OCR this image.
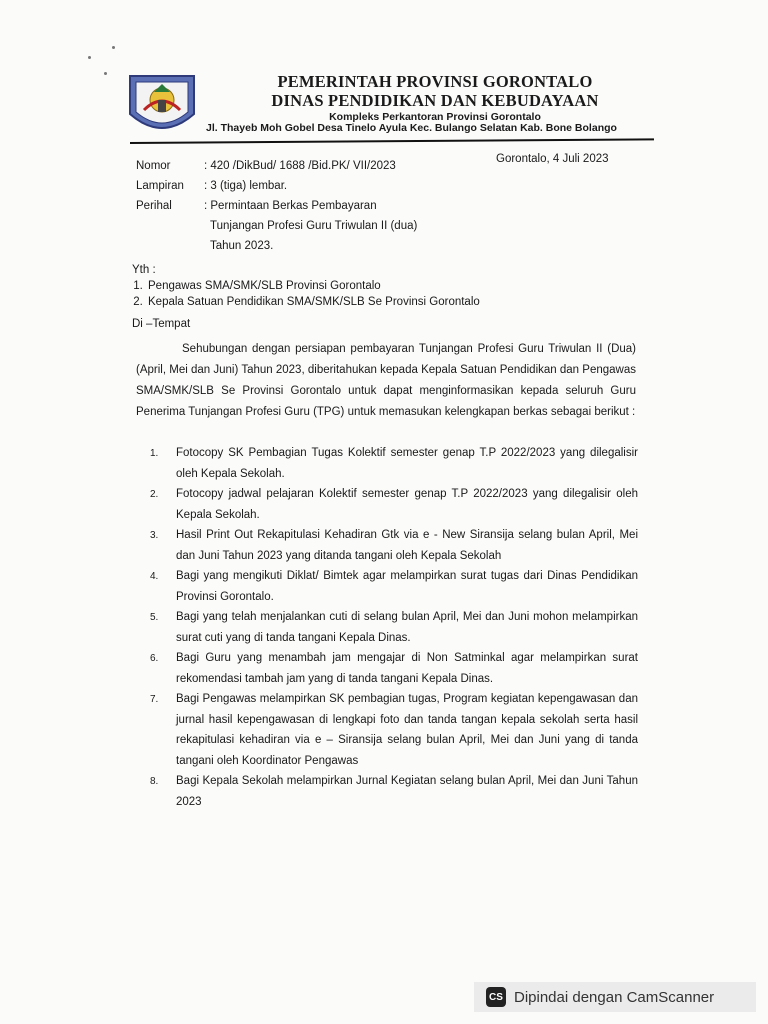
PEMERINTAH PROVINSI GORONTALO
DINAS PENDIDIKAN DAN KEBUDAYAAN
Kompleks Perkantoran Provinsi Gorontalo
Jl. Thayeb Moh Gobel Desa Tinelo Ayula Kec. Bulango Selatan Kab. Bone Bolango
Nomor	: 420 /DikBud/ 1688 /Bid.PK/ VII/2023
Lampiran	: 3 (tiga) lembar.
Perihal	: Permintaan Berkas Pembayaran
Tunjangan Profesi Guru Triwulan II (dua)
Tahun 2023.
Gorontalo, 4 Juli 2023
Yth :
1. Pengawas SMA/SMK/SLB Provinsi Gorontalo
2. Kepala Satuan Pendidikan SMA/SMK/SLB Se Provinsi Gorontalo
Di –Tempat

Sehubungan dengan persiapan pembayaran Tunjangan Profesi Guru Triwulan II (Dua) (April, Mei dan Juni) Tahun 2023, diberitahukan kepada Kepala Satuan Pendidikan dan Pengawas SMA/SMK/SLB Se Provinsi Gorontalo untuk dapat menginformasikan kepada seluruh Guru Penerima Tunjangan Profesi Guru (TPG) untuk memasukan kelengkapan berkas sebagai berikut :

1.	Fotocopy SK Pembagian Tugas Kolektif semester genap T.P 2022/2023 yang dilegalisir oleh Kepala Sekolah.
2.	Fotocopy jadwal pelajaran Kolektif semester genap T.P 2022/2023 yang dilegalisir oleh Kepala Sekolah.
3.	Hasil Print Out Rekapitulasi Kehadiran Gtk via e - New Siransija selang bulan April, Mei dan Juni Tahun 2023 yang ditanda tangani oleh Kepala Sekolah
4.	Bagi yang mengikuti Diklat/ Bimtek agar melampirkan surat tugas dari Dinas Pendidikan Provinsi Gorontalo.
5.	Bagi yang telah menjalankan cuti di selang bulan April, Mei dan Juni mohon melampirkan surat cuti yang di tanda tangani Kepala Dinas.
6.	Bagi Guru yang menambah jam mengajar di Non Satminkal agar melampirkan surat rekomendasi tambah jam yang di tanda tangani Kepala Dinas.
7.	Bagi Pengawas melampirkan SK pembagian tugas, Program kegiatan kepengawasan dan jurnal hasil kepengawasan di lengkapi foto dan tanda tangan kepala sekolah serta hasil rekapitulasi kehadiran via e – Siransija selang bulan April, Mei dan Juni yang di tanda tangani oleh Koordinator Pengawas
8.	Bagi Kepala Sekolah melampirkan Jurnal Kegiatan selang bulan April, Mei dan Juni Tahun 2023
CS Dipindai dengan CamScanner
